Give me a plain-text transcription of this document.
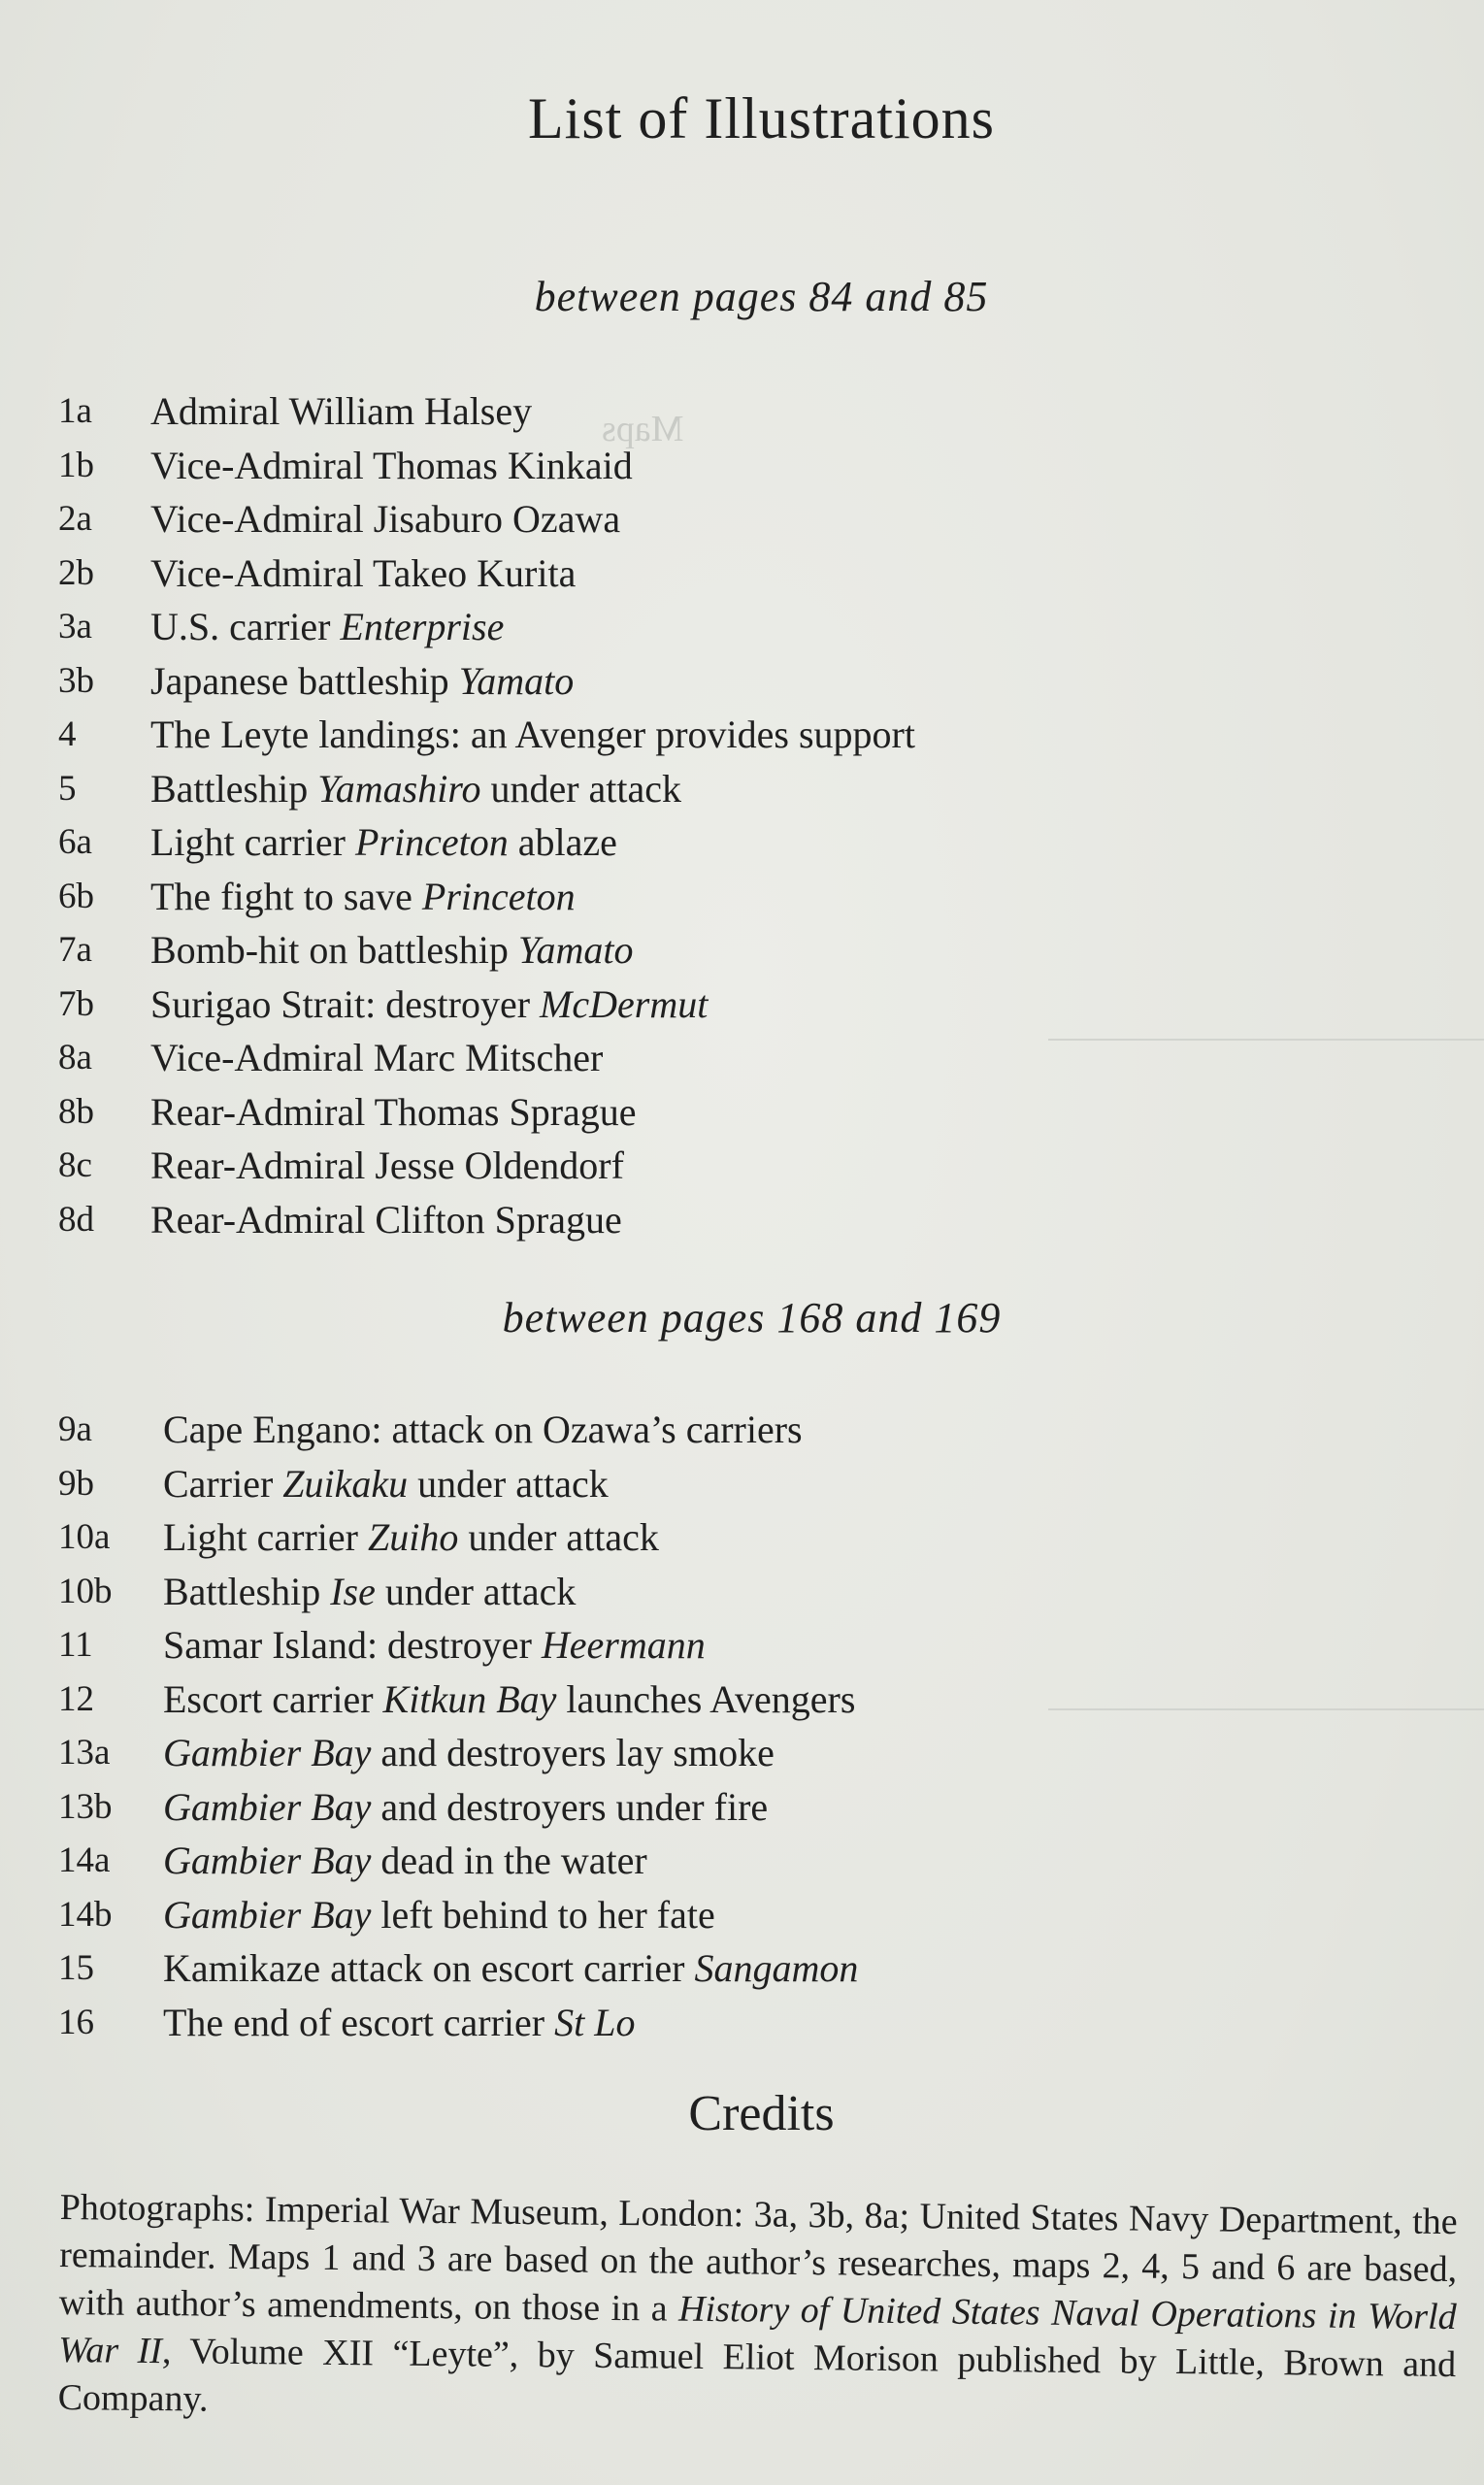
Maps
List of Illustrations
between pages 84 and 85
1a	Admiral William Halsey
1b	Vice-Admiral Thomas Kinkaid
2a	Vice-Admiral Jisaburo Ozawa
2b	Vice-Admiral Takeo Kurita
3a	U.S. carrier Enterprise
3b	Japanese battleship Yamato
4	The Leyte landings: an Avenger provides support
5	Battleship Yamashiro under attack
6a	Light carrier Princeton ablaze
6b	The fight to save Princeton
7a	Bomb-hit on battleship Yamato
7b	Surigao Strait: destroyer McDermut
8a	Vice-Admiral Marc Mitscher
8b	Rear-Admiral Thomas Sprague
8c	Rear-Admiral Jesse Oldendorf
8d	Rear-Admiral Clifton Sprague
between pages 168 and 169
9a	Cape Engano: attack on Ozawa’s carriers
9b	Carrier Zuikaku under attack
10a	Light carrier Zuiho under attack
10b	Battleship Ise under attack
11	Samar Island: destroyer Heermann
12	Escort carrier Kitkun Bay launches Avengers
13a	Gambier Bay and destroyers lay smoke
13b	Gambier Bay and destroyers under fire
14a	Gambier Bay dead in the water
14b	Gambier Bay left behind to her fate
15	Kamikaze attack on escort carrier Sangamon
16	The end of escort carrier St Lo
Credits
Photographs: Imperial War Museum, London: 3a, 3b, 8a; United States Navy Department, the remainder. Maps 1 and 3 are based on the author’s researches, maps 2, 4, 5 and 6 are based, with author’s amendments, on those in a History of United States Naval Operations in World War II, Volume XII “Leyte”, by Samuel Eliot Morison published by Little, Brown and Company.
